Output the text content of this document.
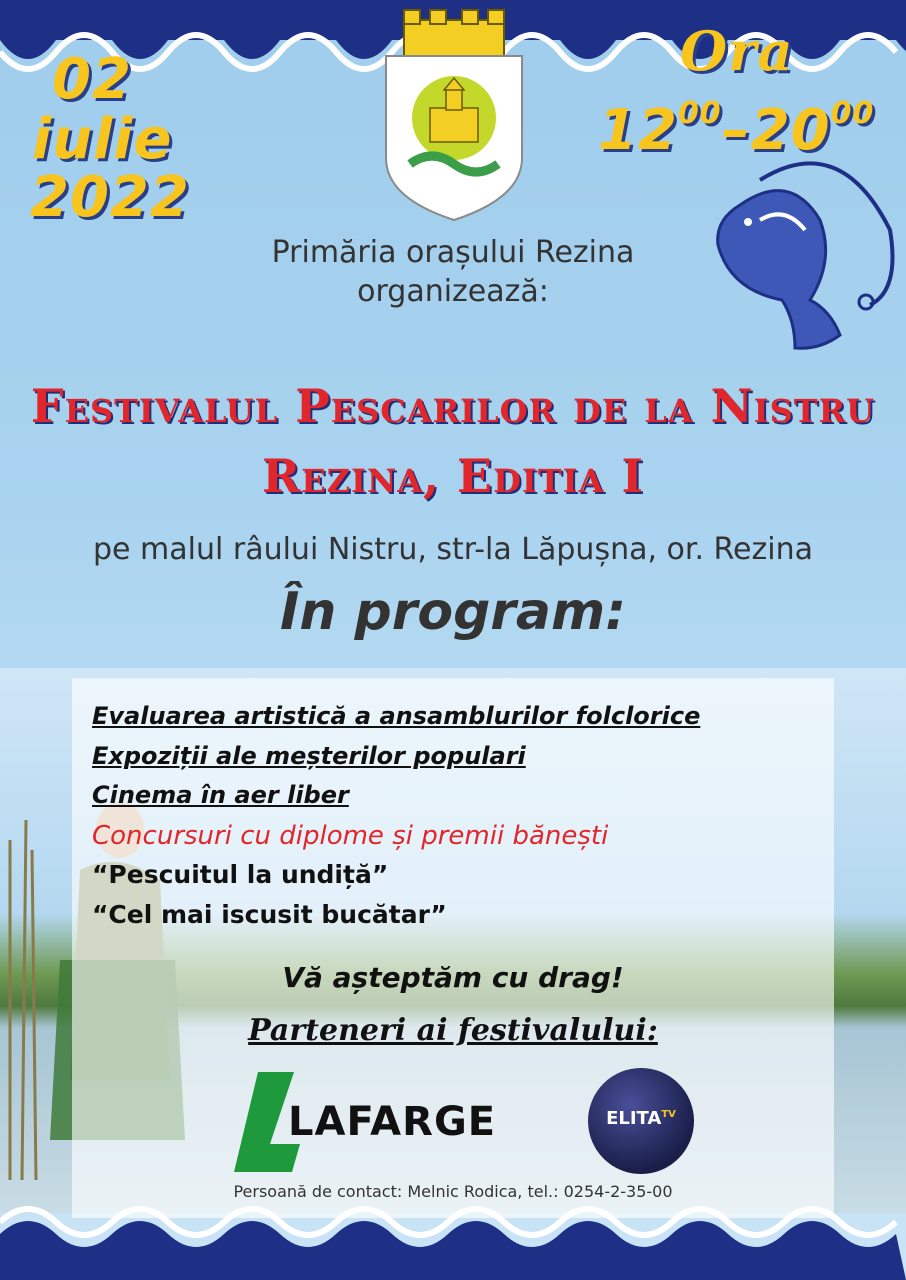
02
iulie
2022
Ora
$12^{00}-20^{00}$
Primăria orașului Rezina
organizează:
Festivalul Pescarilor de la Nistru
Rezina, Editia I
pe malul râului Nistru, str-la Lăpușna, or. Rezina
În program:
Evaluarea artistică a ansamblurilor folclorice
Expoziții ale meșterilor populari
Cinema în aer liber
Concursuri cu diplome și premii bănești
“Pescuitul la undiță”
“Cel mai iscusit bucătar”
Vă așteptăm cu drag!
Parteneri ai festivalului:
LAFARGE	$ELITA^{TV}$
Persoană de contact: Melnic Rodica, tel.: 0254-2-35-00
